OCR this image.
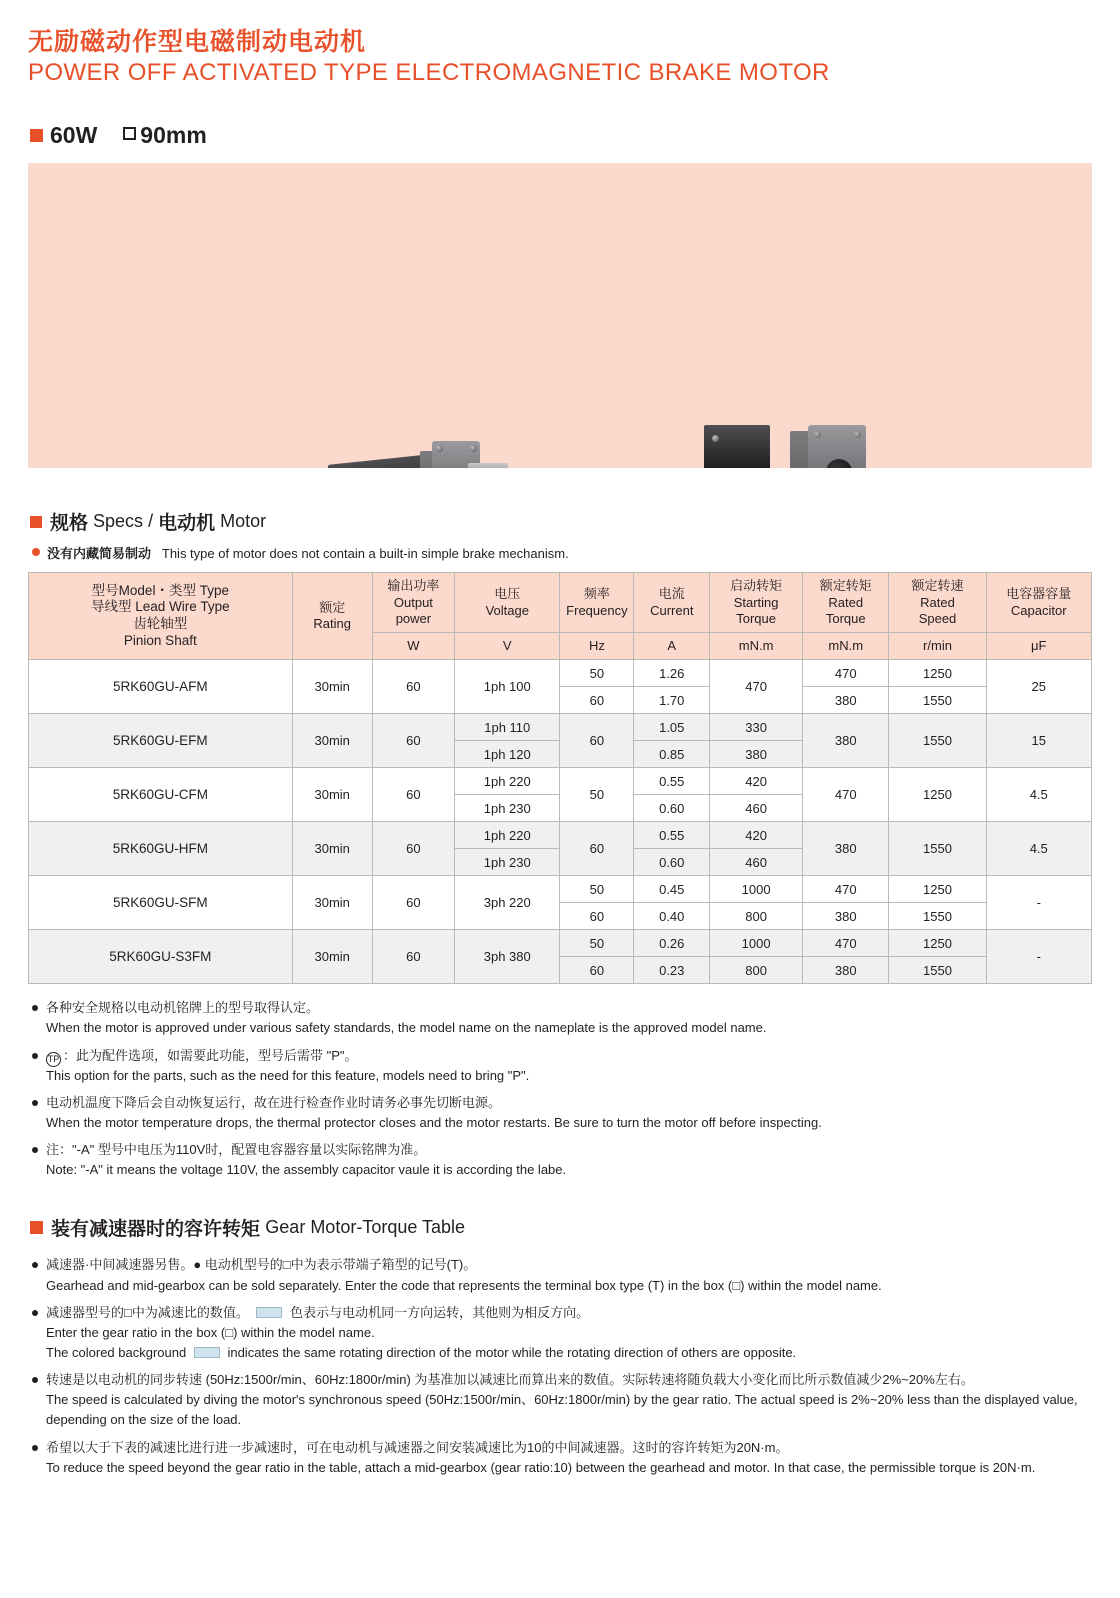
无励磁动作型电磁制动电动机
POWER OFF ACTIVATED TYPE ELECTROMAGNETIC BRAKE MOTOR
60W 90mm
规格
Specs
/
电动机
Motor
没有内藏简易制动 This type of motor does not contain a built-in simple brake mechanism.
型号Model・类型 Type
导线型 Lead Wire Type
齿轮轴型
Pinion Shaft

额定
Rating

输出功率
Output
power

电压
Voltage

频率
Frequency

电流
Current

启动转矩
Starting
Torque

额定转矩
Rated
Torque

额定转速
Rated
Speed

电容器容量
Capacitor

		W	V	Hz	A	mN.m	mN.m	r/min	μF
5RK60GU-AFM	30min	60	1ph 100	50	1.26	470	470	1250	25
				60	1.70		380	1550	
5RK60GU-EFM	30min	60	1ph 110	60	1.05	330	380	1550	15
			1ph 120		0.85	380			
5RK60GU-CFM	30min	60	1ph 220	50	0.55	420	470	1250	4.5
			1ph 230		0.60	460			
5RK60GU-HFM	30min	60	1ph 220	60	0.55	420	380	1550	4.5
			1ph 230		0.60	460			
5RK60GU-SFM	30min	60	3ph 220	50	0.45	1000	470	1250	-
				60	0.40	800	380	1550	
5RK60GU-S3FM	30min	60	3ph 380	50	0.26	1000	470	1250	-
				60	0.23	800	380	1550	
各种安全规格以电动机铭牌上的型号取得认定。
When the motor is approved under various safety standards, the model name on the nameplate is the approved model name.
TP ：此为配件选项，如需要此功能，型号后需带 "P"。
This option for the parts, such as the need for this feature, models need to bring "P".
电动机温度下降后会自动恢复运行，故在进行检查作业时请务必事先切断电源。
When the motor temperature drops, the thermal protector closes and the motor restarts. Be sure to turn the motor off before inspecting.
注："-A" 型号中电压为110V时，配置电容器容量以实际铭牌为准。
Note: "-A" it means the voltage 110V, the assembly capacitor vaule it is according the labe.
装有减速器时的容许转矩
Gear Motor-Torque Table
减速器·中间减速器另售。● 电动机型号的□中为表示带端子箱型的记号(T)。
Gearhead and mid-gearbox can be sold separately. Enter the code that represents the terminal box type (T) in the box (□) within the model name.
减速器型号的□中为减速比的数值。	色表示与电动机同一方向运转，其他则为相反方向。
Enter the gear ratio in the box (□) within the model name.
The colored background	indicates the same rotating direction of the motor while the rotating direction of others are opposite.
转速是以电动机的同步转速 (50Hz:1500r/min、60Hz:1800r/min) 为基准加以减速比而算出来的数值。实际转速将随负载大小变化而比所示数值减少2%~20%左右。
The speed is calculated by diving the motor's synchronous speed (50Hz:1500r/min、60Hz:1800r/min) by the gear ratio. The actual speed is 2%~20% less than the displayed value, depending on the size of the load.
希望以大于下表的减速比进行进一步减速时，可在电动机与减速器之间安装减速比为10的中间减速器。这时的容许转矩为20N·m。
To reduce the speed beyond the gear ratio in the table, attach a mid-gearbox (gear ratio:10) between the gearhead and motor. In that case, the permissible torque is 20N·m.
